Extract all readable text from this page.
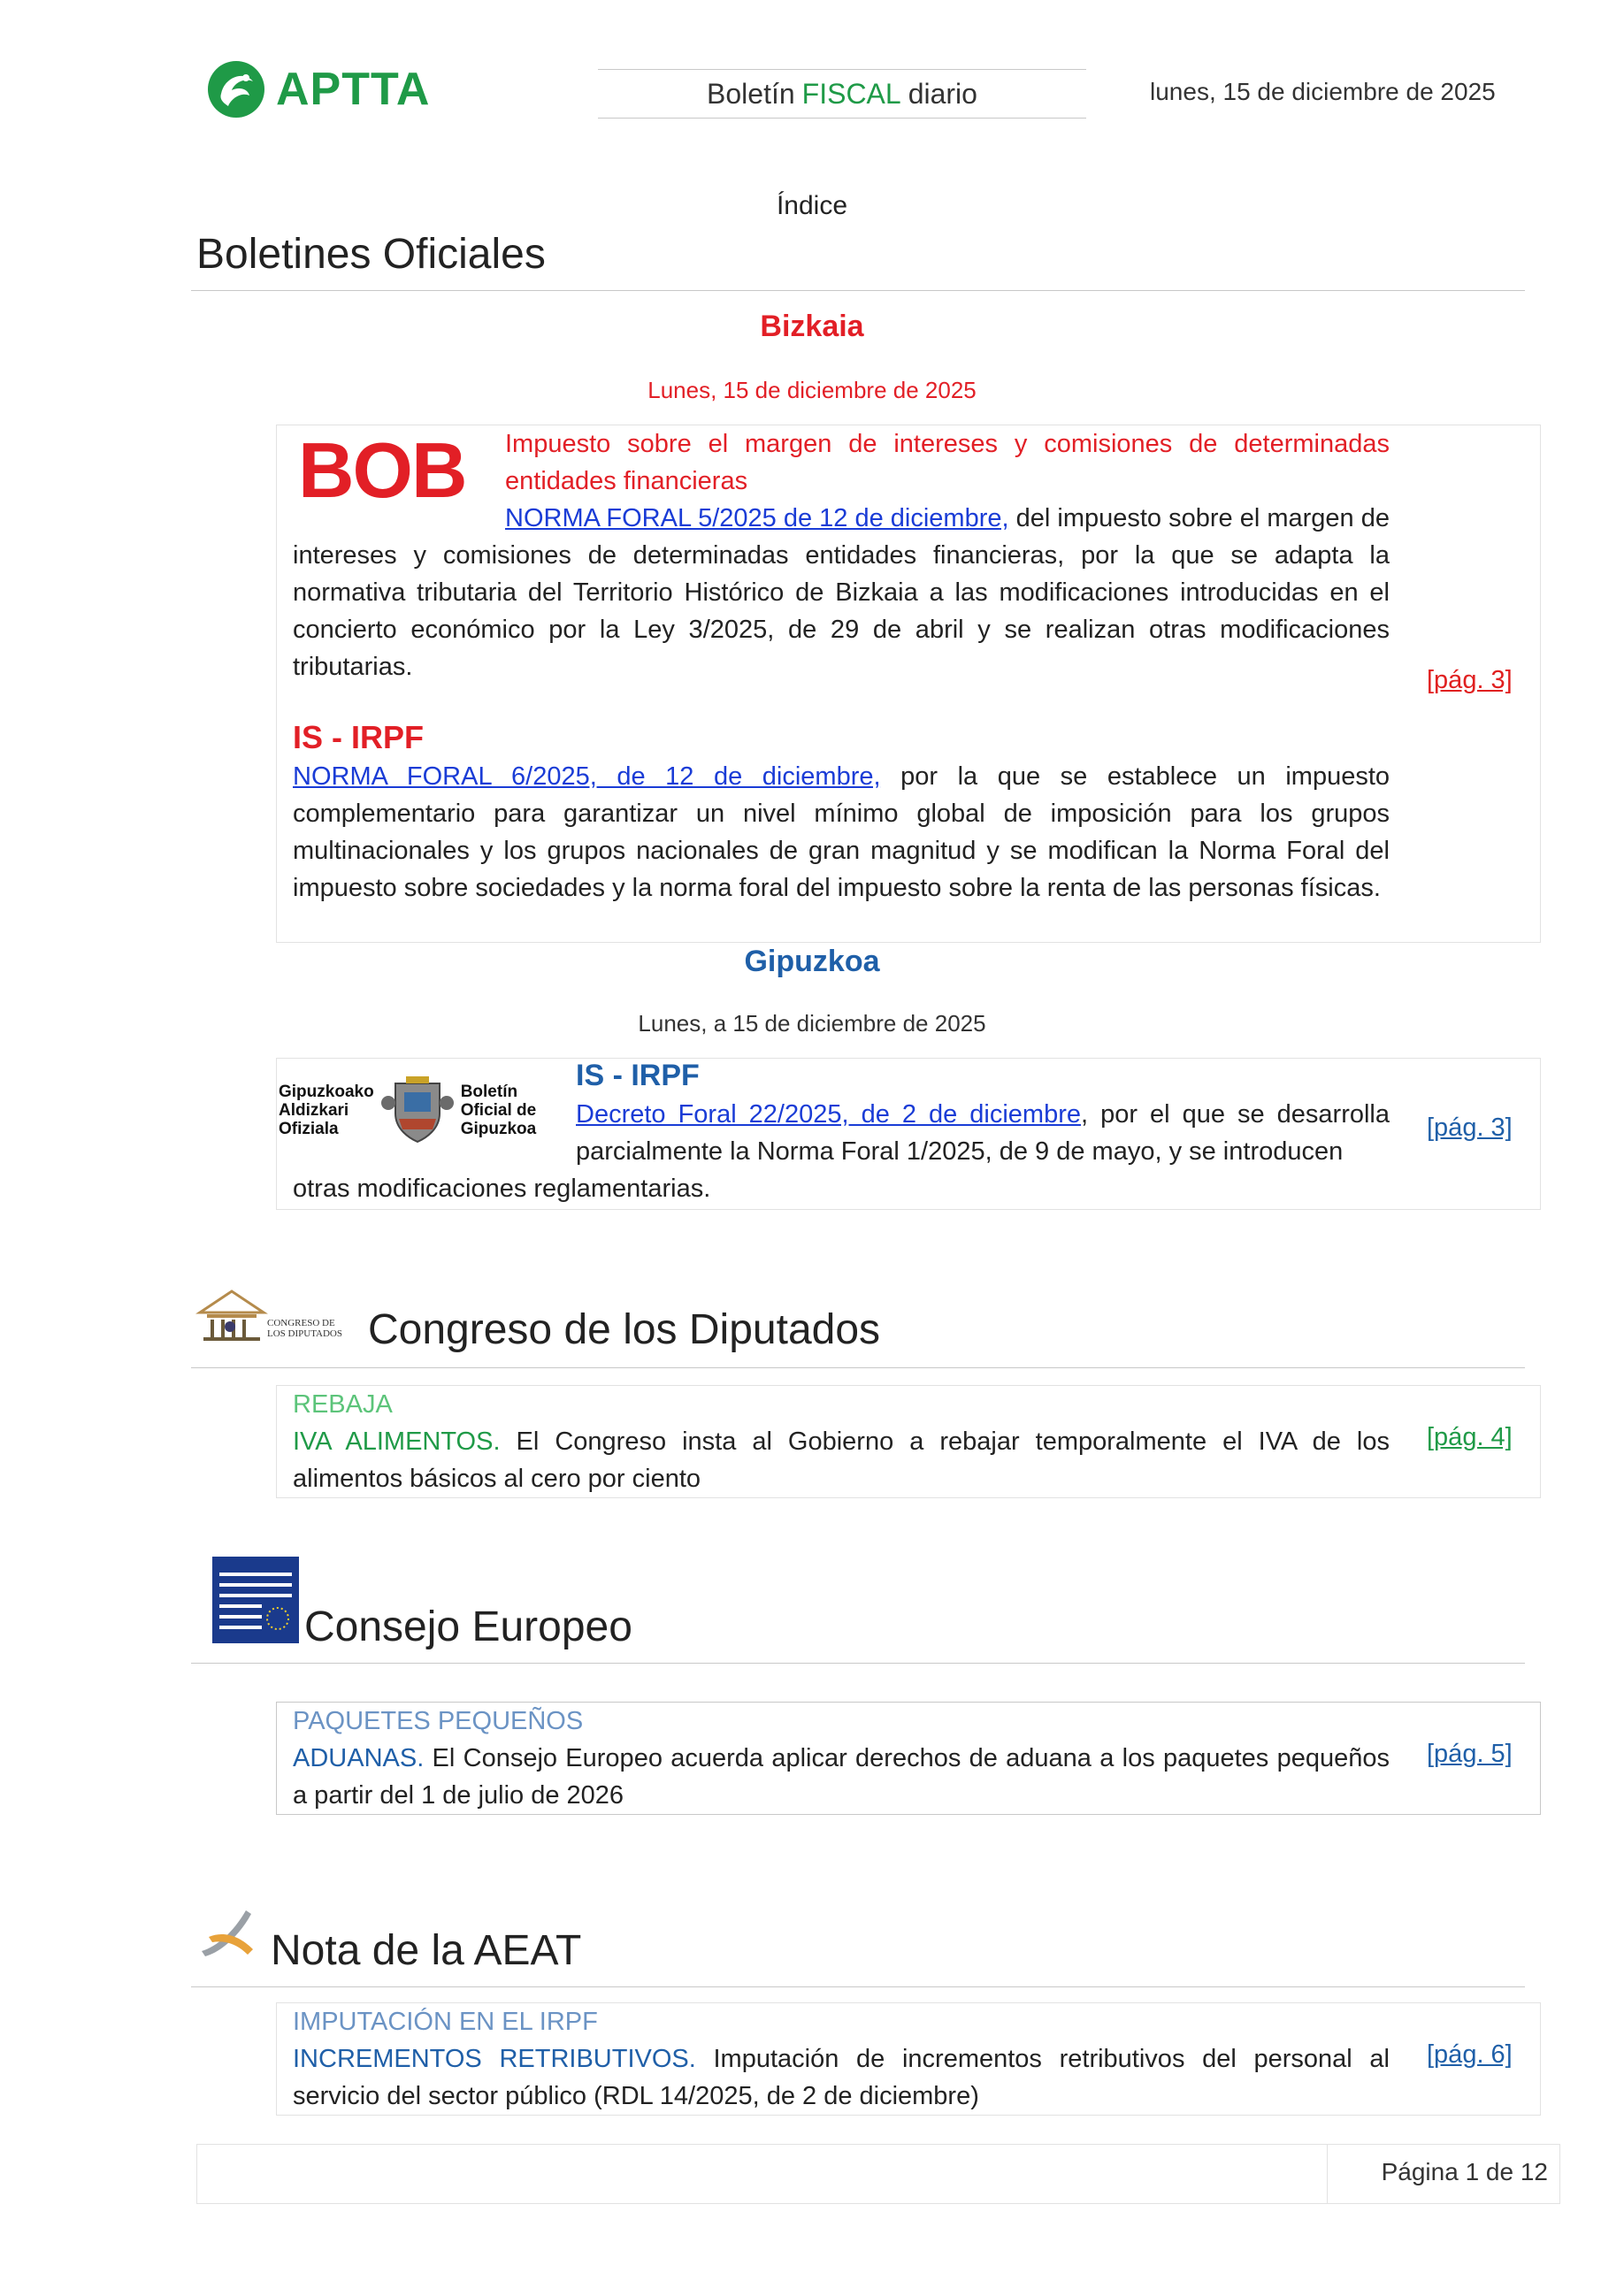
APTTA	Boletín FISCAL diario	lunes, 15 de diciembre de 2025
Índice
Boletines Oficiales
Bizkaia
Lunes, 15 de diciembre de 2025
BOB Impuesto sobre el margen de intereses y comisiones de determinadas entidades financieras
NORMA FORAL 5/2025 de 12 de diciembre, del impuesto sobre el margen de intereses y comisiones de determinadas entidades financieras, por la que se adapta la normativa tributaria del Territorio Histórico de Bizkaia a las modificaciones introducidas en el concierto económico por la Ley 3/2025, de 29 de abril y se realizan otras modificaciones tributarias.	[pág. 3]
IS - IRPF
NORMA FORAL 6/2025, de 12 de diciembre, por la que se establece un impuesto complementario para garantizar un nivel mínimo global de imposición para los grupos multinacionales y los grupos nacionales de gran magnitud y se modifican la Norma Foral del impuesto sobre sociedades y la norma foral del impuesto sobre la renta de las personas físicas.
Gipuzkoa
Lunes, a 15 de diciembre de 2025
Gipuzkoako
Aldizkari
Ofiziala
Boletín
Oficial de
Gipuzkoa
IS - IRPF
Decreto Foral 22/2025, de 2 de diciembre, por el que se desarrolla parcialmente la Norma Foral 1/2025, de 9 de mayo, y se introducen
otras modificaciones reglamentarias.
[pág. 3]
CONGRESO DE
LOS DIPUTADOS Congreso de los Diputados
REBAJA
IVA ALIMENTOS. El Congreso insta al Gobierno a rebajar temporalmente el IVA de los alimentos básicos al cero por ciento
[pág. 4]
Consejo Europeo
PAQUETES PEQUEÑOS
ADUANAS. El Consejo Europeo acuerda aplicar derechos de aduana a los paquetes pequeños a partir del 1 de julio de 2026
[pág. 5]
Nota de la AEAT
IMPUTACIÓN EN EL IRPF
INCREMENTOS RETRIBUTIVOS. Imputación de incrementos retributivos del personal al servicio del sector público (RDL 14/2025, de 2 de diciembre)
[pág. 6]
Página 1 de 12
